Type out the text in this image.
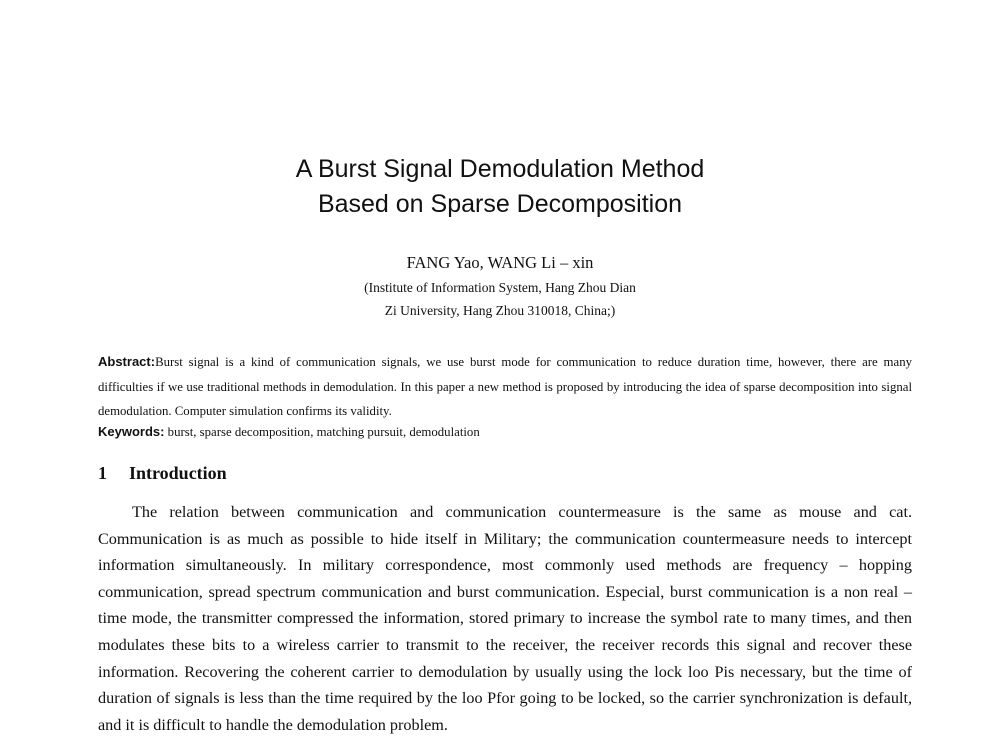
A Burst Signal Demodulation Method
Based on Sparse Decomposition
FANG Yao, WANG Li – xin
(Institute of Information System, Hang Zhou Dian
Zi University, Hang Zhou 310018, China;)
Abstract:Burst signal is a kind of communication signals, we use burst mode for communication to reduce duration time, however, there are many difficulties if we use traditional methods in demodulation. In this paper a new method is proposed by introducing the idea of sparse decomposition into signal demodulation. Computer simulation confirms its validity.
Keywords: burst, sparse decomposition, matching pursuit, demodulation
1 Introduction
The relation between communication and communication countermeasure is the same as mouse and cat. Communication is as much as possible to hide itself in Military; the communication countermeasure needs to intercept information simultaneously. In military correspondence, most commonly used methods are frequency – hopping communication, spread spectrum communication and burst communication. Especial, burst communication is a non real – time mode, the transmitter compressed the information, stored primary to increase the symbol rate to many times, and then modulates these bits to a wireless carrier to transmit to the receiver, the receiver records this signal and recover these information. Recovering the coherent carrier to demodulation by usually using the lock loo Pis necessary, but the time of duration of signals is less than the time required by the loo Pfor going to be locked, so the carrier synchronization is default, and it is difficult to handle the demodulation problem.
